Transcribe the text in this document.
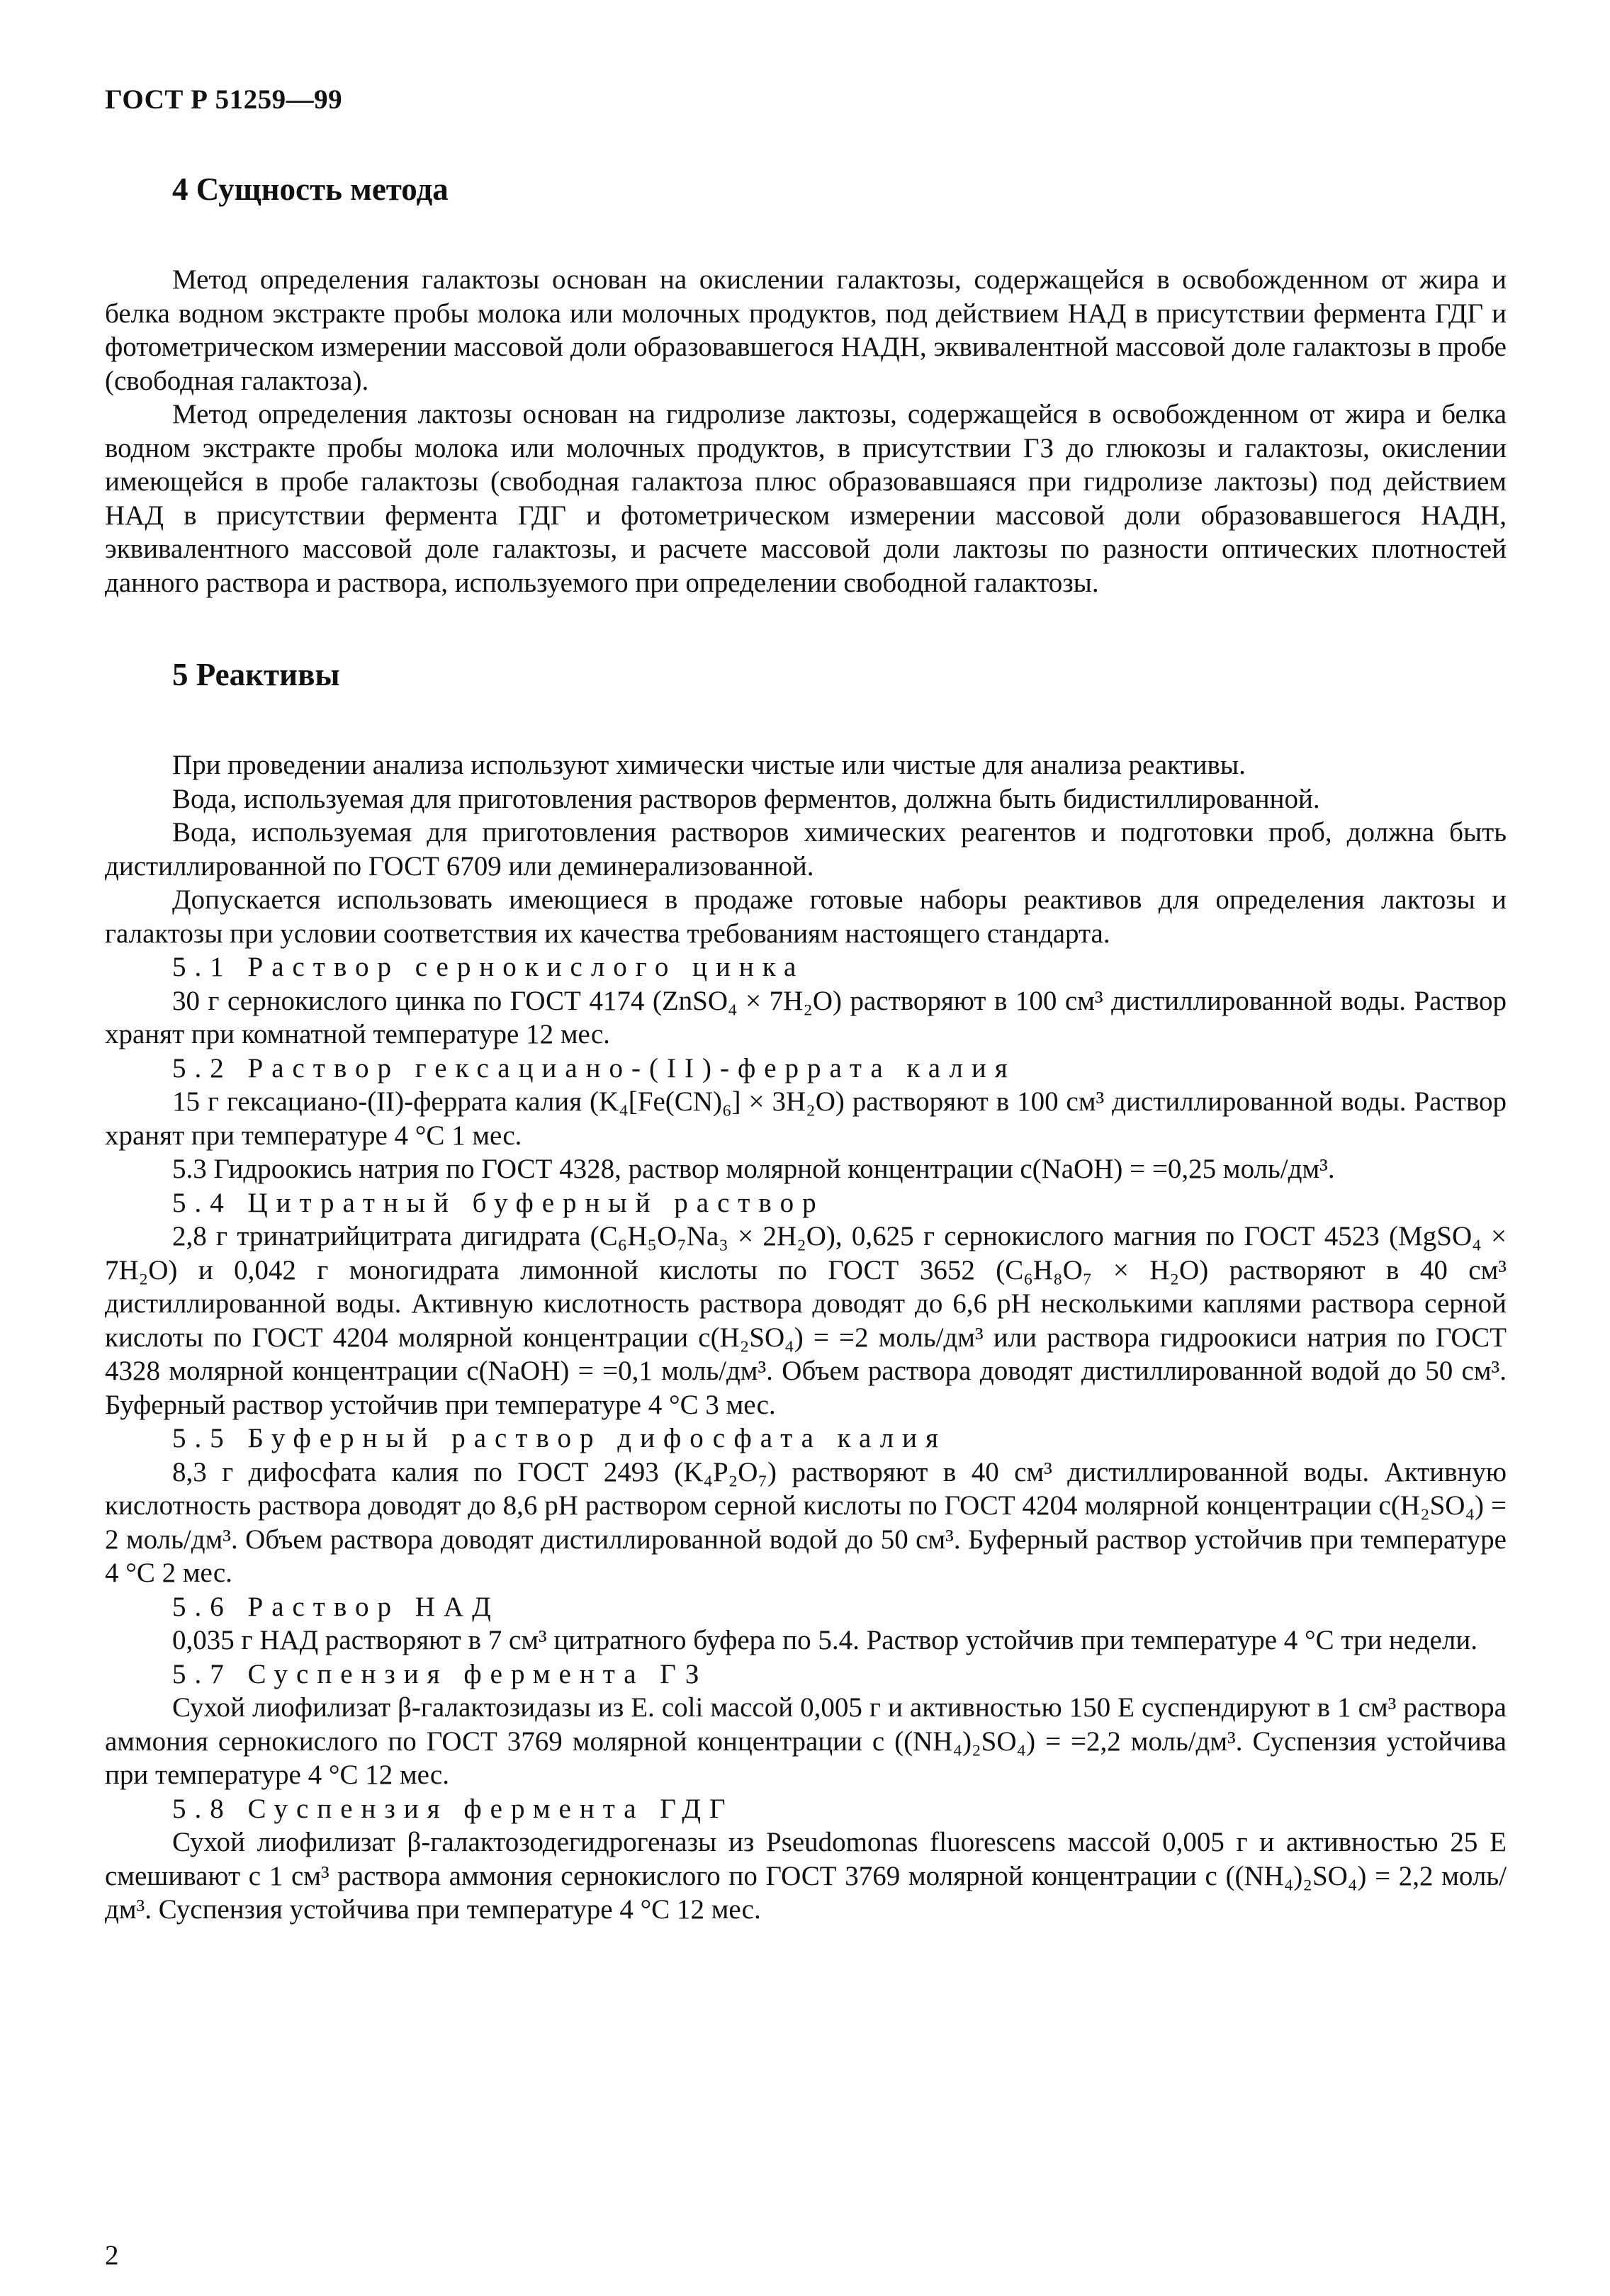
ГОСТ Р 51259—99
4 Сущность метода

Метод определения галактозы основан на окислении галактозы, содержащейся в освобожденном от жира и белка водном экстракте пробы молока или молочных продуктов, под действием НАД в присутствии фермента ГДГ и фотометрическом измерении массовой доли образовавшегося НАДН, эквивалентной массовой доле галактозы в пробе (свободная галактоза).

Метод определения лактозы основан на гидролизе лактозы, содержащейся в освобожденном от жира и белка водном экстракте пробы молока или молочных продуктов, в присутствии ГЗ до глюкозы и галактозы, окислении имеющейся в пробе галактозы (свободная галактоза плюс образовавшаяся при гидролизе лактозы) под действием НАД в присутствии фермента ГДГ и фотометрическом измерении массовой доли образовавшегося НАДН, эквивалентного массовой доле галактозы, и расчете массовой доли лактозы по разности оптических плотностей данного раствора и раствора, используемого при определении свободной галактозы.

5 Реактивы

При проведении анализа используют химически чистые или чистые для анализа реактивы.

Вода, используемая для приготовления растворов ферментов, должна быть бидистиллированной.

Вода, используемая для приготовления растворов химических реагентов и подготовки проб, должна быть дистиллированной по ГОСТ 6709 или деминерализованной.

Допускается использовать имеющиеся в продаже готовые наборы реактивов для определения лактозы и галактозы при условии соответствия их качества требованиям настоящего стандарта.

5.1 Раствор сернокислого цинка

30 г сернокислого цинка по ГОСТ 4174 (ZnSO₄ × 7H₂O) растворяют в 100 см³ дистиллированной воды. Раствор хранят при комнатной температуре 12 мес.

5.2 Раствор гексациано-(II)-феррата калия

15 г гексациано-(II)-феррата калия (K₄[Fe(CN)₆] × 3H₂O) растворяют в 100 см³ дистиллированной воды. Раствор хранят при температуре 4 °C 1 мес.

5.3 Гидроокись натрия по ГОСТ 4328, раствор молярной концентрации c(NaOH) = =0,25 моль/дм³.

5.4 Цитратный буферный раствор

2,8 г тринатрийцитрата дигидрата (C₆H₅O₇Na₃ × 2H₂O), 0,625 г сернокислого магния по ГОСТ 4523 (MgSO₄ × 7H₂O) и 0,042 г моногидрата лимонной кислоты по ГОСТ 3652 (C₆H₈O₇ × H₂O) растворяют в 40 см³ дистиллированной воды. Активную кислотность раствора доводят до 6,6 pH несколькими каплями раствора серной кислоты по ГОСТ 4204 молярной концентрации c(H₂SO₄) = =2 моль/дм³ или раствора гидроокиси натрия по ГОСТ 4328 молярной концентрации c(NaOH) = =0,1 моль/дм³. Объем раствора доводят дистиллированной водой до 50 см³. Буферный раствор устойчив при температуре 4 °C 3 мес.

5.5 Буферный раствор дифосфата калия

8,3 г дифосфата калия по ГОСТ 2493 (K₄P₂O₇) растворяют в 40 см³ дистиллированной воды. Активную кислотность раствора доводят до 8,6 pH раствором серной кислоты по ГОСТ 4204 молярной концентрации c(H₂SO₄) = 2 моль/дм³. Объем раствора доводят дистиллированной водой до 50 см³. Буферный раствор устойчив при температуре 4 °C 2 мес.

5.6 Раствор НАД

0,035 г НАД растворяют в 7 см³ цитратного буфера по 5.4. Раствор устойчив при температуре 4 °C три недели.

5.7 Суспензия фермента ГЗ

Сухой лиофилизат β-галактозидазы из E. coli массой 0,005 г и активностью 150 Е суспендируют в 1 см³ раствора аммония сернокислого по ГОСТ 3769 молярной концентрации c ((NH₄)₂SO₄) = =2,2 моль/дм³. Суспензия устойчива при температуре 4 °C 12 мес.

5.8 Суспензия фермента ГДГ

Сухой лиофилизат β-галактозодегидрогеназы из Pseudomonas fluorescens массой 0,005 г и активностью 25 Е смешивают с 1 см³ раствора аммония сернокислого по ГОСТ 3769 молярной концентрации c ((NH₄)₂SO₄) = 2,2 моль/дм³. Суспензия устойчива при температуре 4 °C 12 мес.

2
